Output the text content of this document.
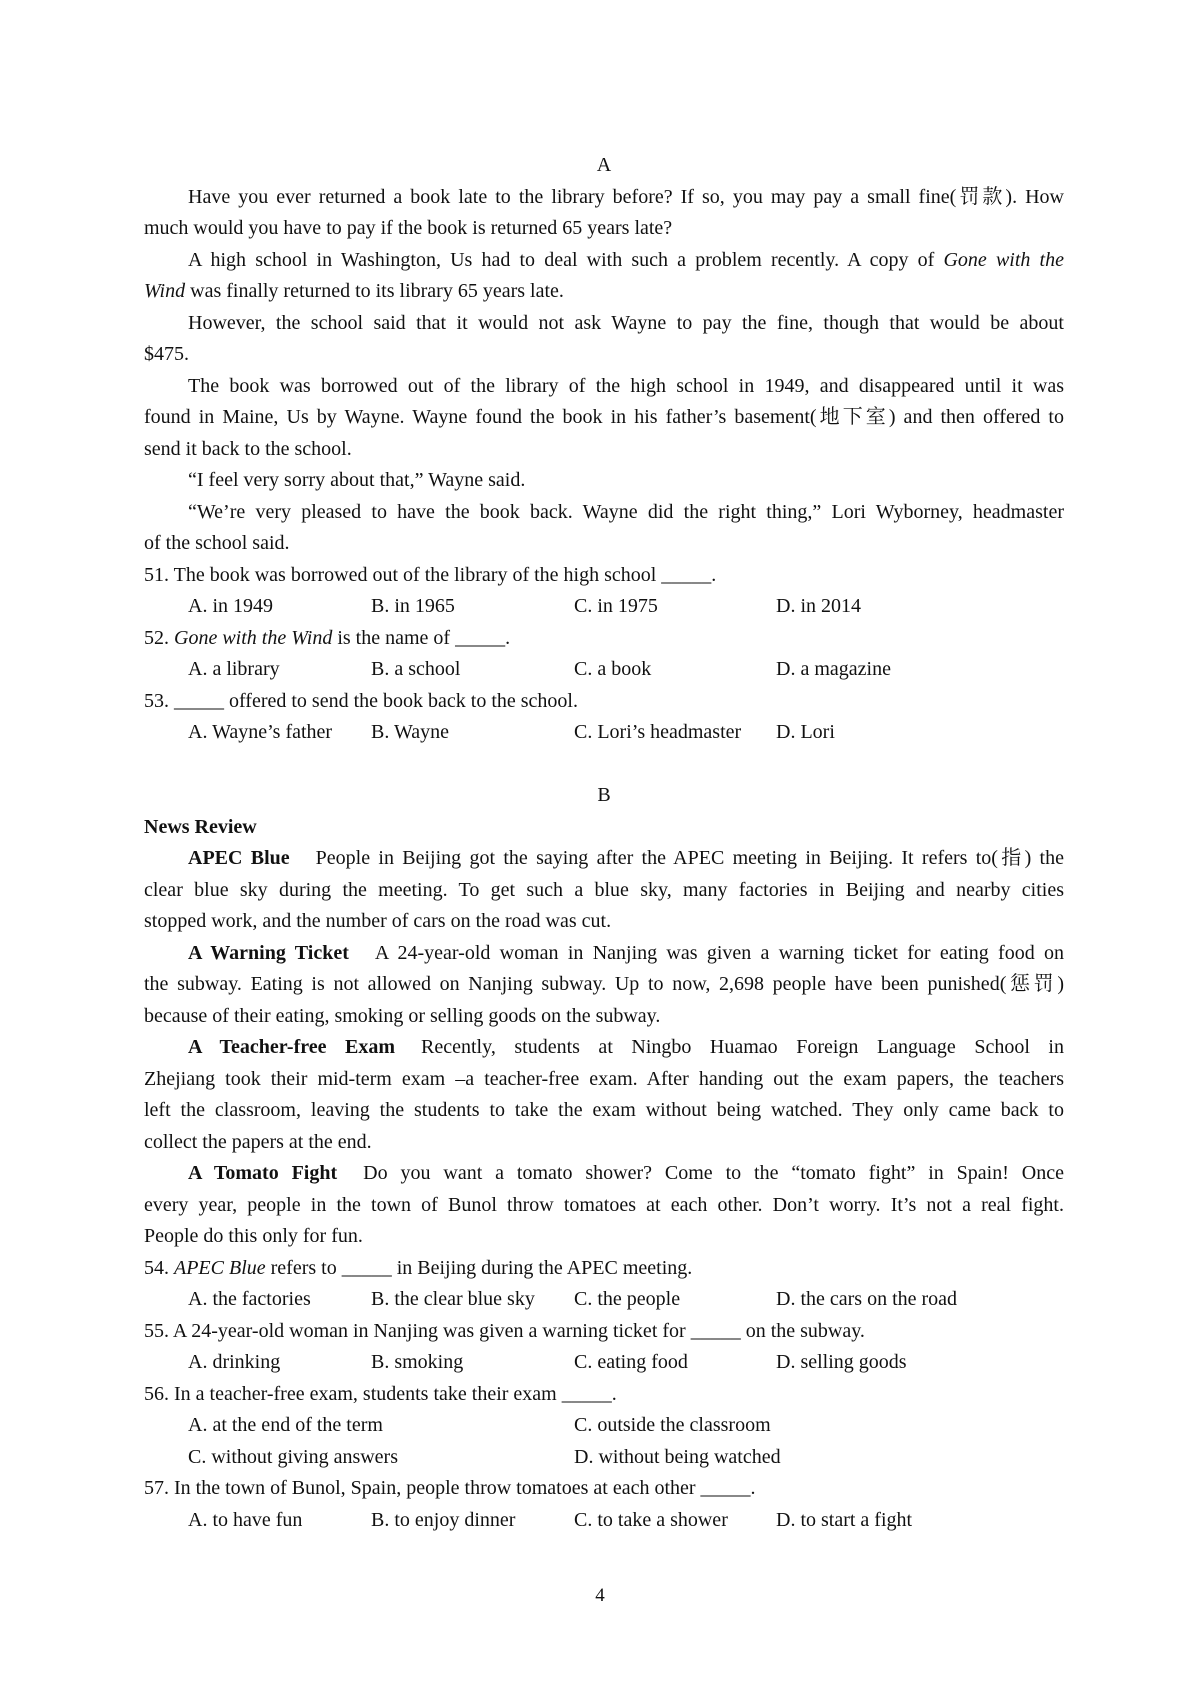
A
Have you ever returned a book late to the library before? If so, you may pay a small fine(罚款). How
much would you have to pay if the book is returned 65 years late?
A high school in Washington, Us had to deal with such a problem recently. A copy of Gone with the
Wind was finally returned to its library 65 years late.
However, the school said that it would not ask Wayne to pay the fine, though that would be about
$475.
The book was borrowed out of the library of the high school in 1949, and disappeared until it was
found in Maine, Us by Wayne. Wayne found the book in his father’s basement(地下室) and then offered to
send it back to the school.
“I feel very sorry about that,” Wayne said.
“We’re very pleased to have the book back. Wayne did the right thing,” Lori Wyborney, headmaster
of the school said.
51. The book was borrowed out of the library of the high school _____.
A. in 1949	B. in 1965	C. in 1975	D. in 2014
52. Gone with the Wind is the name of _____.
A. a library	B. a school	C. a book	D. a magazine
53. _____ offered to send the book back to the school.
A. Wayne’s father B. Wayne	C. Lori’s headmaster D. Lori
B
News Review
APEC Blue People in Beijing got the saying after the APEC meeting in Beijing. It refers to(指) the
clear blue sky during the meeting. To get such a blue sky, many factories in Beijing and nearby cities
stopped work, and the number of cars on the road was cut.
A Warning Ticket A 24-year-old woman in Nanjing was given a warning ticket for eating food on
the subway. Eating is not allowed on Nanjing subway. Up to now, 2,698 people have been punished(惩罚)
because of their eating, smoking or selling goods on the subway.
A Teacher-free Exam Recently, students at Ningbo Huamao Foreign Language School in
Zhejiang took their mid-term exam –a teacher-free exam. After handing out the exam papers, the teachers
left the classroom, leaving the students to take the exam without being watched. They only came back to
collect the papers at the end.
A Tomato Fight Do you want a tomato shower? Come to the “tomato fight” in Spain! Once
every year, people in the town of Bunol throw tomatoes at each other. Don’t worry. It’s not a real fight.
People do this only for fun.
54. APEC Blue refers to _____ in Beijing during the APEC meeting.
A. the factories	B. the clear blue sky C. the people	D. the cars on the road
55. A 24-year-old woman in Nanjing was given a warning ticket for _____ on the subway.
A. drinking	B. smoking	C. eating food	D. selling goods
56. In a teacher-free exam, students take their exam _____.
A. at the end of the term	C. outside the classroom
C. without giving answers	D. without being watched
57. In the town of Bunol, Spain, people throw tomatoes at each other _____.
A. to have fun	B. to enjoy dinner	C. to take a shower D. to start a fight
4
